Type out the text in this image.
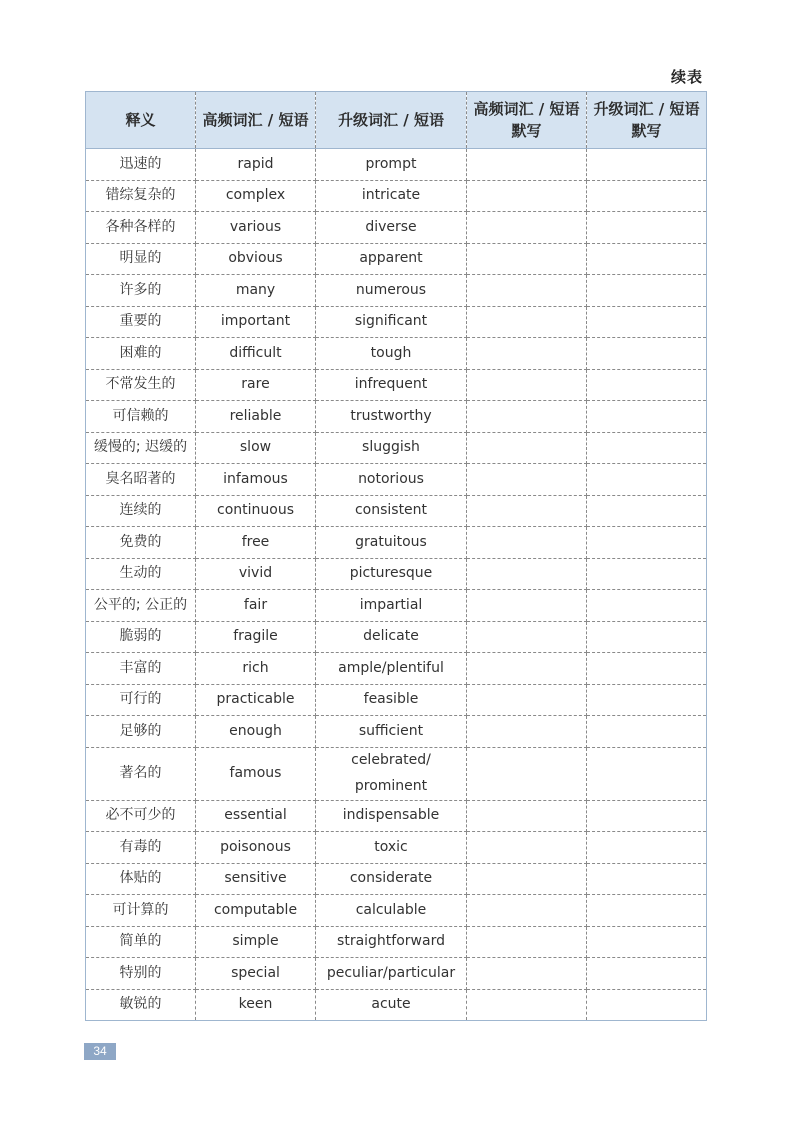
续表
释义	高频词汇 / 短语	升级词汇 / 短语	高频词汇 / 短语 默写	升级词汇 / 短语 默写
迅速的	rapid	prompt		
错综复杂的	complex	intricate		
各种各样的	various	diverse		
明显的	obvious	apparent		
许多的	many	numerous		
重要的	important	significant		
困难的	difficult	tough		
不常发生的	rare	infrequent		
可信赖的	reliable	trustworthy		
缓慢的; 迟缓的	slow	sluggish		
臭名昭著的	infamous	notorious		
连续的	continuous	consistent		
免费的	free	gratuitous		
生动的	vivid	picturesque		
公平的; 公正的	fair	impartial		
脆弱的	fragile	delicate		
丰富的	rich	ample/plentiful		
可行的	practicable	feasible		
足够的	enough	sufficient		
著名的	famous	celebrated/ prominent		
必不可少的	essential	indispensable		
有毒的	poisonous	toxic		
体贴的	sensitive	considerate		
可计算的	computable	calculable		
简单的	simple	straightforward		
特别的	special	peculiar/particular		
敏锐的	keen	acute		
34
